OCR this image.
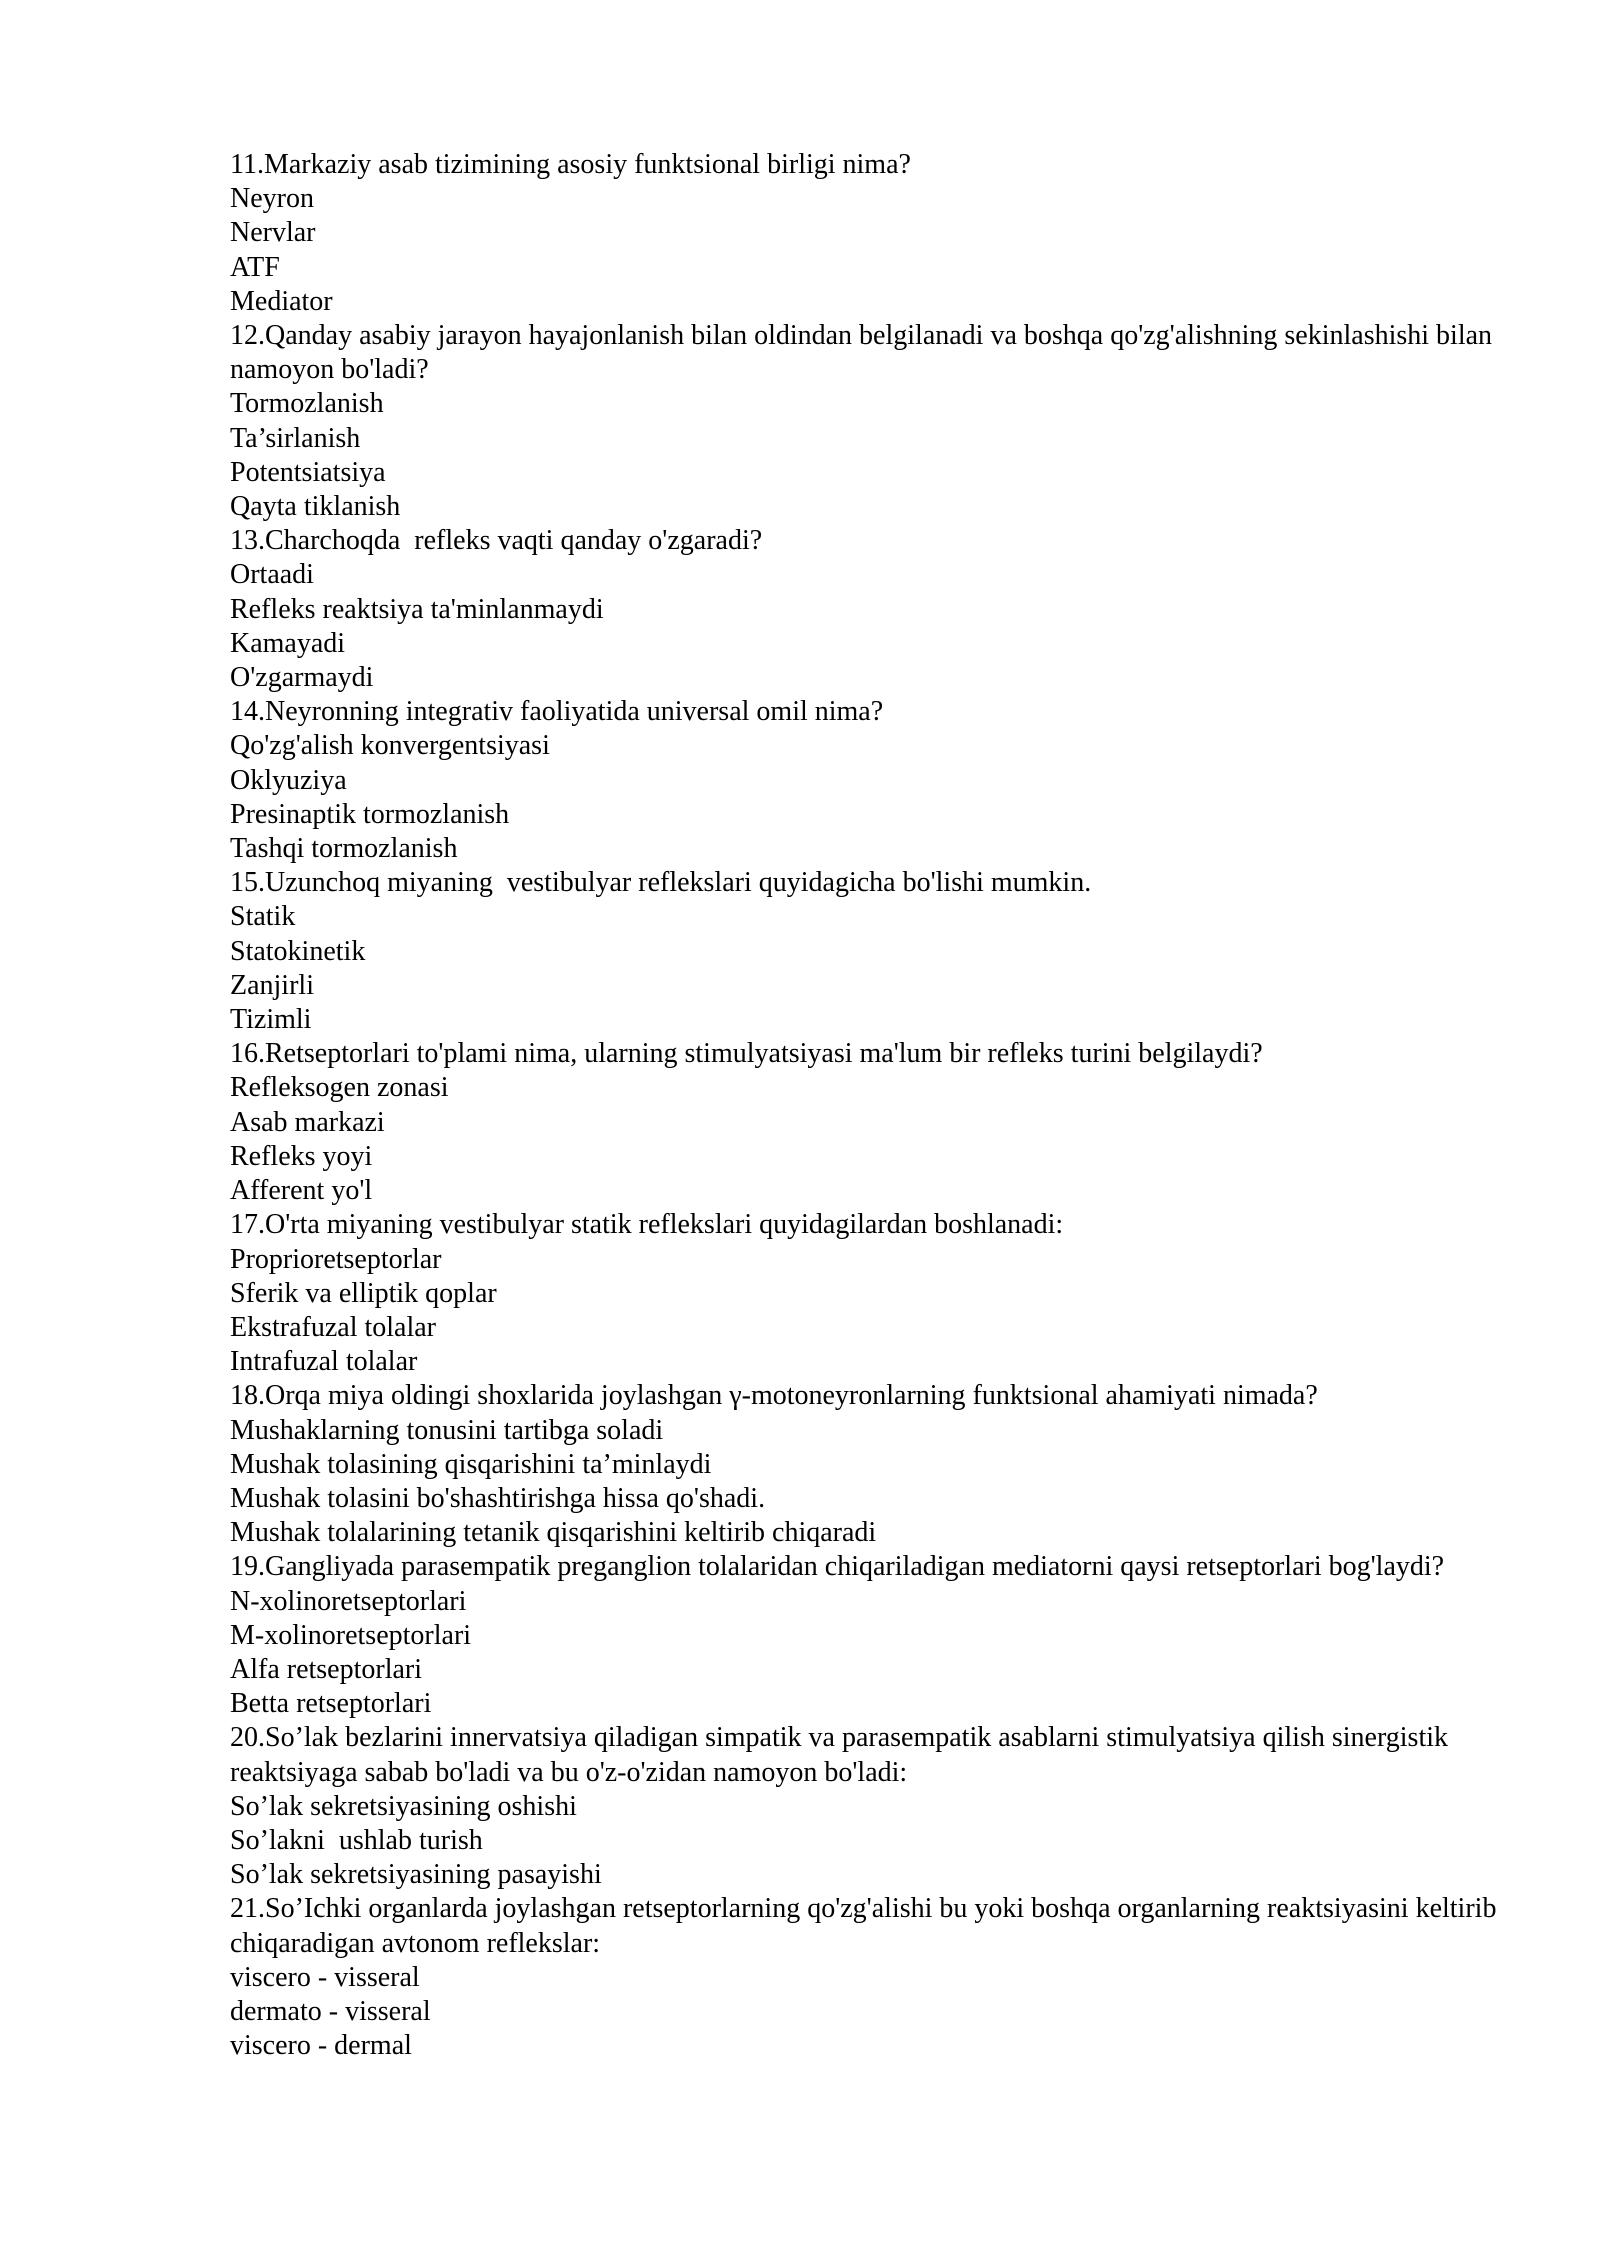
11.Markaziy asab tizimining asosiy funktsional birligi nima?

Neyron

Nervlar

ATF

Mediator

12.Qanday asabiy jarayon hayajonlanish bilan oldindan belgilanadi va boshqa qo'zg'alishning sekinlashishi bilan namoyon bo'ladi?

Tormozlanish

Ta’sirlanish

Potentsiatsiya

Qayta tiklanish

13.Charchoqda  refleks vaqti qanday o'zgaradi?

Ortaadi

Refleks reaktsiya ta'minlanmaydi

Kamayadi

O'zgarmaydi

14.Neyronning integrativ faoliyatida universal omil nima?

Qo'zg'alish konvergentsiyasi

Oklyuziya

Presinaptik tormozlanish

Tashqi tormozlanish

15.Uzunchoq miyaning  vestibulyar reflekslari quyidagicha bo'lishi mumkin.

Statik

Statokinetik

Zanjirli

Tizimli

16.Retseptorlari to'plami nima, ularning stimulyatsiyasi ma'lum bir refleks turini belgilaydi?

Refleksogen zonasi

Asab markazi

Refleks yoyi

Afferent yo'l

17.O'rta miyaning vestibulyar statik reflekslari quyidagilardan boshlanadi:

Proprioretseptorlar

Sferik va elliptik qoplar

Ekstrafuzal tolalar

Intrafuzal tolalar

18.Orqa miya oldingi shoxlarida joylashgan γ-motoneyronlarning funktsional ahamiyati nimada?

Mushaklarning tonusini tartibga soladi

Mushak tolasining qisqarishini ta’minlaydi

Mushak tolasini bo'shashtirishga hissa qo'shadi.

Mushak tolalarining tetanik qisqarishini keltirib chiqaradi

19.Gangliyada parasempatik preganglion tolalaridan chiqariladigan mediatorni qaysi retseptorlari bog'laydi?

N-xolinoretseptorlari

M-xolinoretseptorlari

Alfa retseptorlari

Betta retseptorlari

20.So’lak bezlarini innervatsiya qiladigan simpatik va parasempatik asablarni stimulyatsiya qilish sinergistik reaktsiyaga sabab bo'ladi va bu o'z-o'zidan namoyon bo'ladi:

So’lak sekretsiyasining oshishi

So’lakni  ushlab turish

So’lak sekretsiyasining pasayishi

21.So’Ichki organlarda joylashgan retseptorlarning qo'zg'alishi bu yoki boshqa organlarning reaktsiyasini keltirib chiqaradigan avtonom reflekslar:

viscero - visseral

dermato - visseral

viscero - dermal
